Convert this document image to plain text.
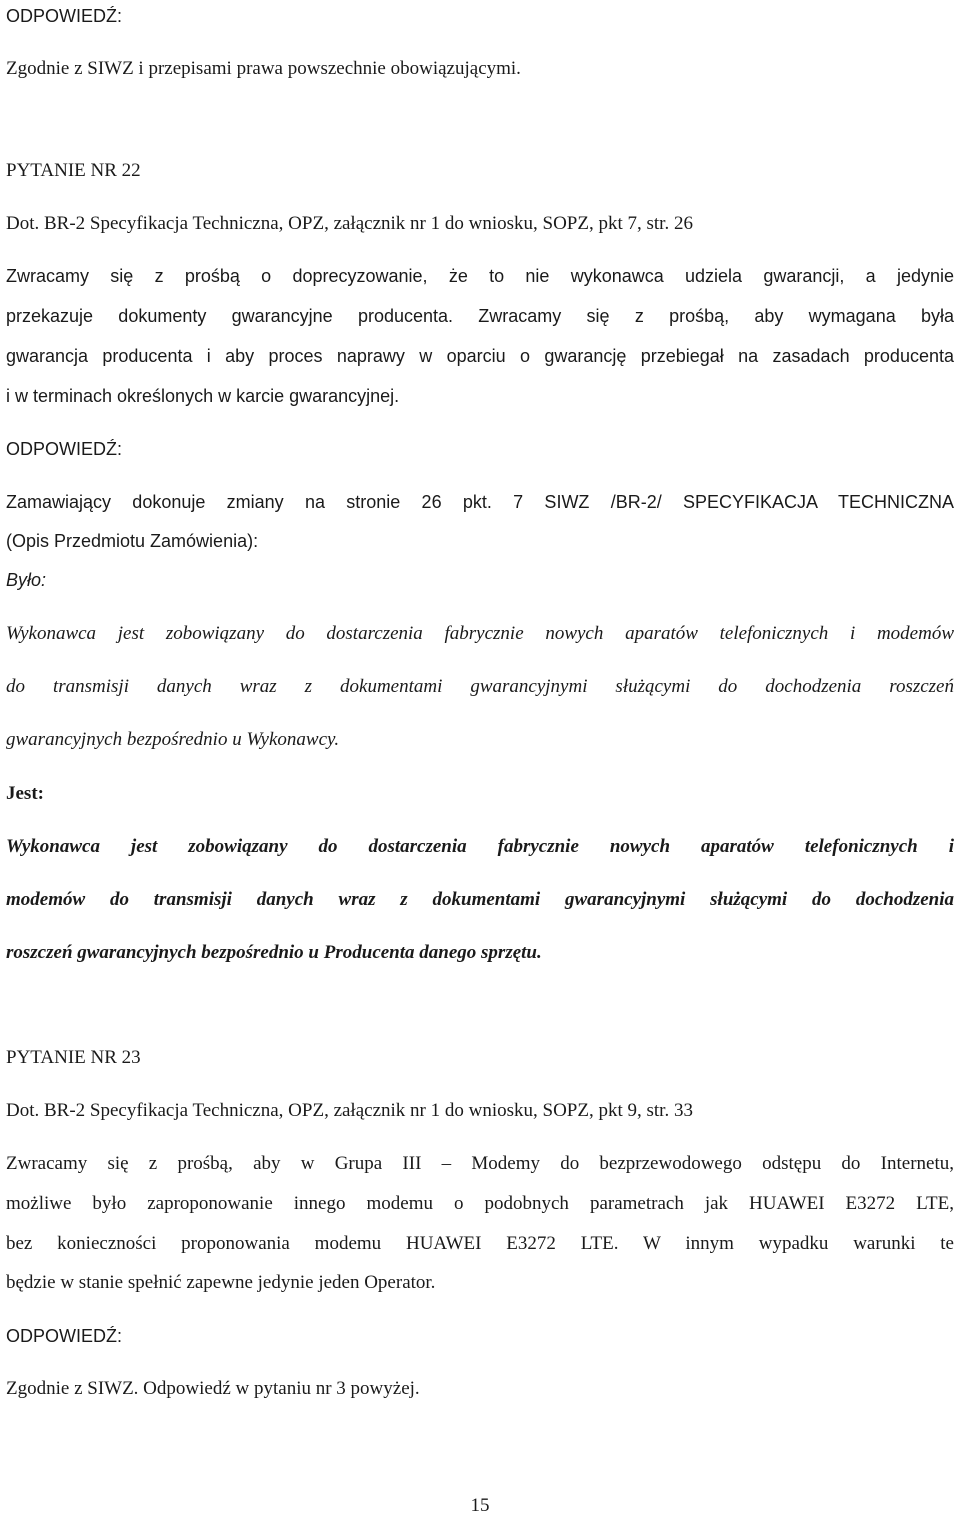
ODPOWIEDŹ:

Zgodnie z SIWZ i przepisami prawa powszechnie obowiązującymi.

PYTANIE NR 22

Dot. BR-2 Specyfikacja Techniczna, OPZ, załącznik nr 1 do wniosku, SOPZ, pkt 7, str. 26

Zwracamy się z prośbą o doprecyzowanie, że to nie wykonawca udziela gwarancji, a jedynie

przekazuje dokumenty gwarancyjne producenta. Zwracamy się z prośbą, aby wymagana była

gwarancja producenta i aby proces naprawy w oparciu o gwarancję przebiegał na zasadach producenta

i w terminach określonych w karcie gwarancyjnej.

ODPOWIEDŹ:

Zamawiający dokonuje zmiany na stronie 26 pkt. 7 SIWZ /BR-2/ SPECYFIKACJA TECHNICZNA

(Opis Przedmiotu Zamówienia):

Było:

Wykonawca jest zobowiązany do dostarczenia fabrycznie nowych aparatów telefonicznych i modemów

do transmisji danych wraz z dokumentami gwarancyjnymi służącymi do dochodzenia roszczeń

gwarancyjnych bezpośrednio u Wykonawcy.

Jest:

Wykonawca jest zobowiązany do dostarczenia fabrycznie nowych aparatów telefonicznych i

modemów do transmisji danych wraz z dokumentami gwarancyjnymi służącymi do dochodzenia

roszczeń gwarancyjnych bezpośrednio u Producenta danego sprzętu.

PYTANIE NR 23

Dot. BR-2 Specyfikacja Techniczna, OPZ, załącznik nr 1 do wniosku, SOPZ, pkt 9, str. 33

Zwracamy się z prośbą, aby w Grupa III – Modemy do bezprzewodowego odstępu do Internetu,

możliwe było zaproponowanie innego modemu o podobnych parametrach jak HUAWEI E3272 LTE,

bez konieczności proponowania modemu HUAWEI E3272 LTE. W innym wypadku warunki te

będzie w stanie spełnić zapewne jedynie jeden Operator.

ODPOWIEDŹ:

Zgodnie z SIWZ. Odpowiedź w pytaniu nr 3 powyżej.

15
